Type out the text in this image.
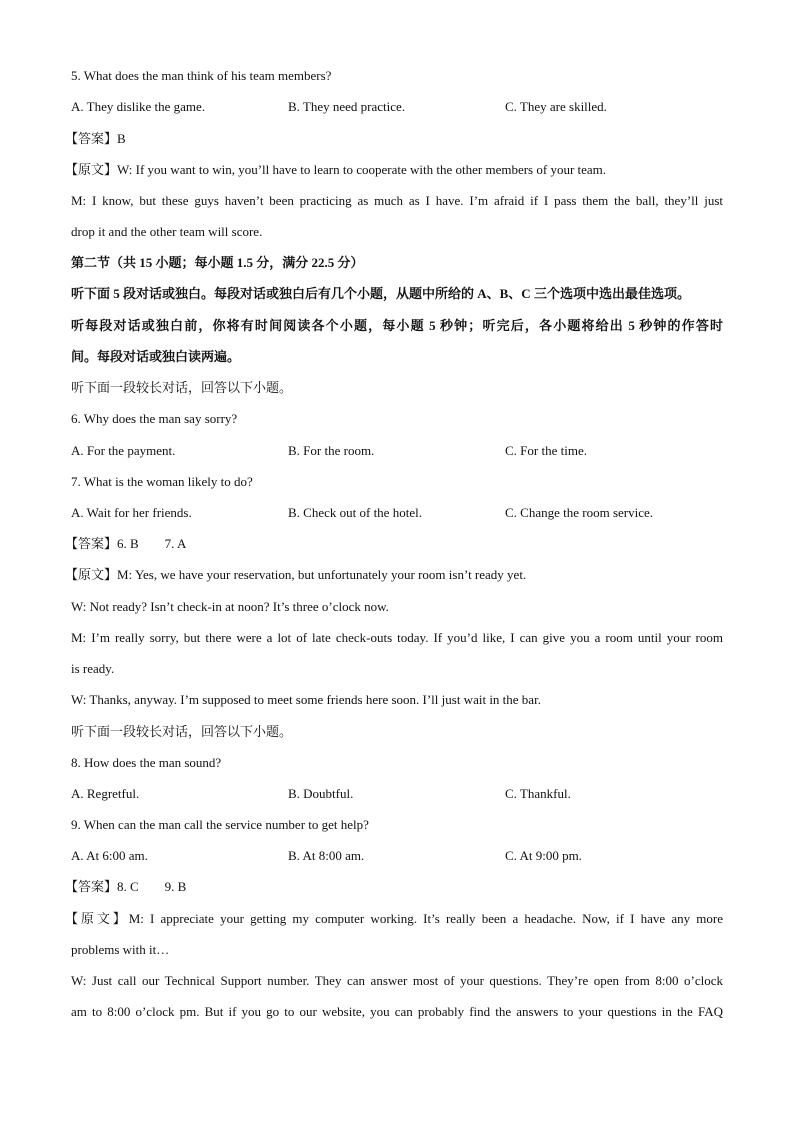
5. What does the man think of his team members?
A. They dislike the game.	B. They need practice.	C. They are skilled.
【答案】B
【原文】W: If you want to win, you’ll have to learn to cooperate with the other members of your team.
M: I know, but these guys haven’t been practicing as much as I have. I’m afraid if I pass them the ball, they’ll just
drop it and the other team will score.
第二节（共 15 小题；每小题 1.5 分，满分 22.5 分）
听下面 5 段对话或独白。每段对话或独白后有几个小题，从题中所给的 A、B、C 三个选项中选出最佳选项。
听每段对话或独白前，你将有时间阅读各个小题，每小题 5 秒钟；听完后，各小题将给出 5 秒钟的作答时
间。每段对话或独白读两遍。
听下面一段较长对话，回答以下小题。
6. Why does the man say sorry?
A. For the payment.	B. For the room.	C. For the time.
7. What is the woman likely to do?
A. Wait for her friends.	B. Check out of the hotel.	C. Change the room service.
【答案】6. B　　7. A
【原文】M: Yes, we have your reservation, but unfortunately your room isn’t ready yet.
W: Not ready? Isn’t check-in at noon? It’s three o’clock now.
M: I’m really sorry, but there were a lot of late check-outs today. If you’d like, I can give you a room until your room
is ready.
W: Thanks, anyway. I’m supposed to meet some friends here soon. I’ll just wait in the bar.
听下面一段较长对话，回答以下小题。
8. How does the man sound?
A. Regretful.	B. Doubtful.	C. Thankful.
9. When can the man call the service number to get help?
A. At 6:00 am.	B. At 8:00 am.	C. At 9:00 pm.
【答案】8. C　　9. B
【原文】M: I appreciate your getting my computer working. It’s really been a headache. Now, if I have any more
problems with it…
W: Just call our Technical Support number. They can answer most of your questions. They’re open from 8:00 o’clock
am to 8:00 o’clock pm. But if you go to our website, you can probably find the answers to your questions in the FAQ
